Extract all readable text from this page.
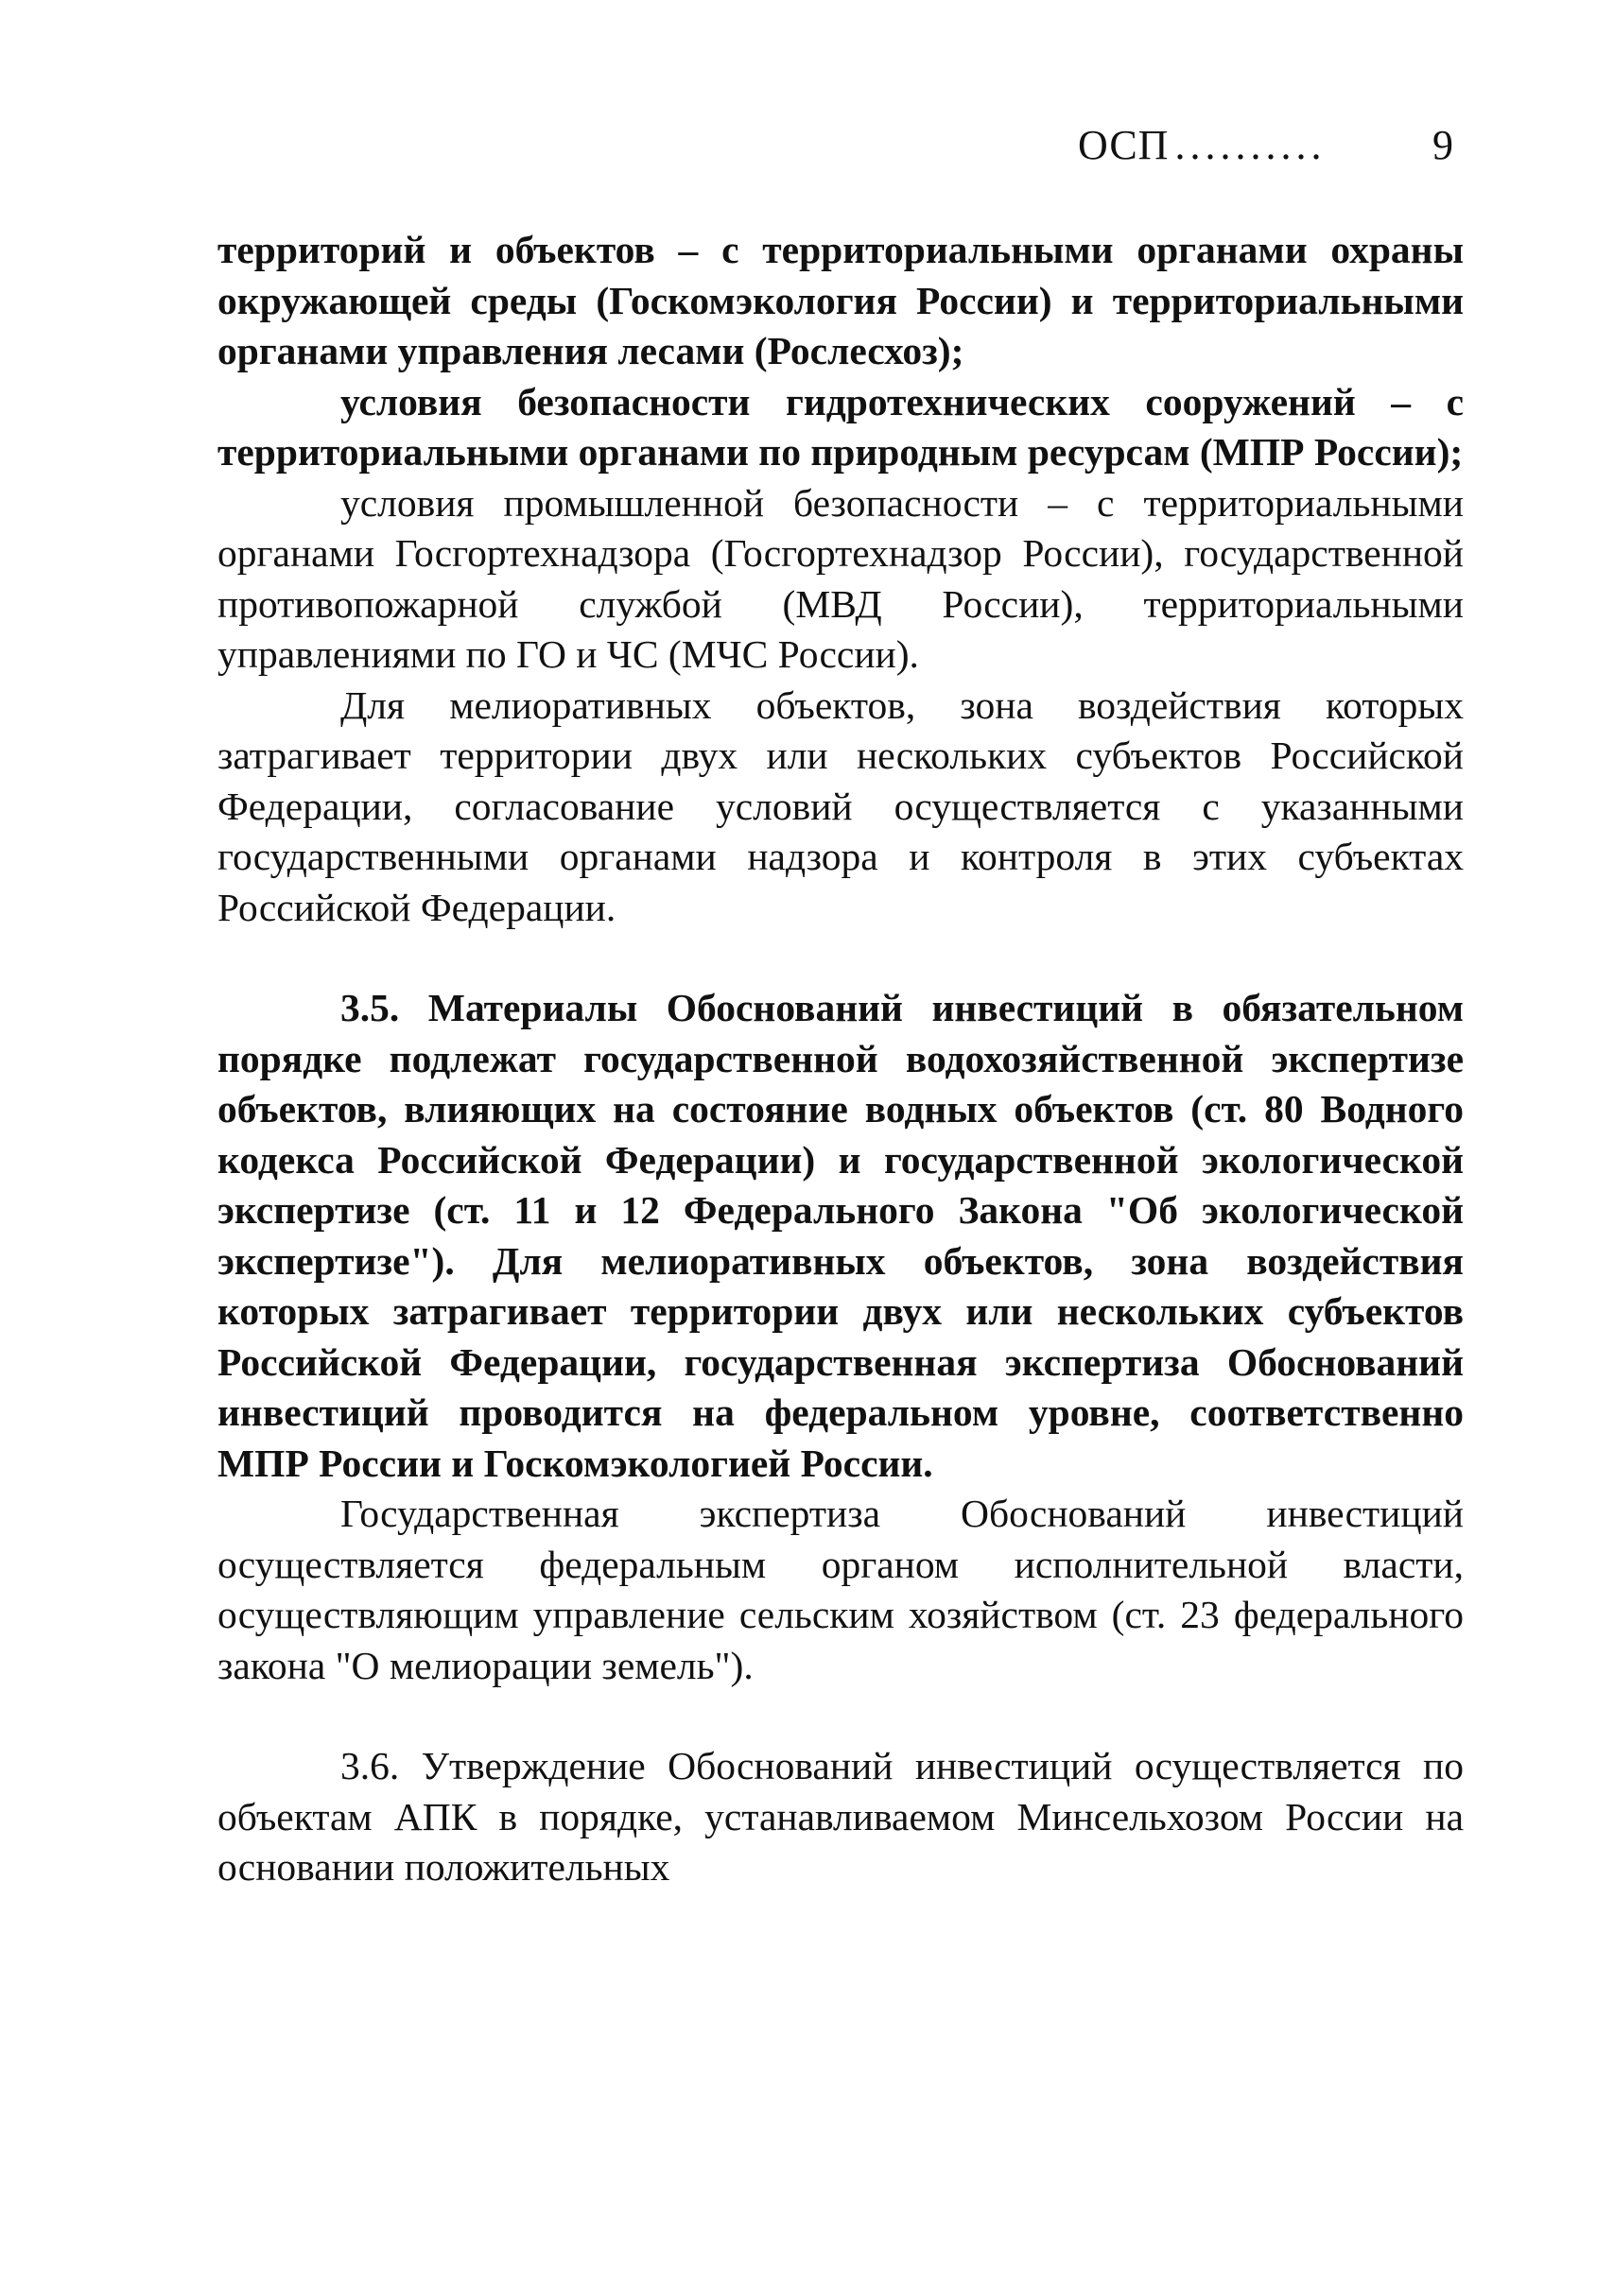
ОСП ..........	9

территорий и объектов – с территориальными органами охраны окружающей среды (Госкомэкология России) и территориальными органами управления лесами (Рослесхоз);

условия безопасности гидротехнических сооружений – с территориальными органами по природным ресурсам (МПР России);

условия промышленной безопасности – с территориальными органами Госгортехнадзора (Госгортехнадзор России), государственной противопожарной службой (МВД России), территориальными управлениями по ГО и ЧС (МЧС России).

Для мелиоративных объектов, зона воздействия которых затрагивает территории двух или нескольких субъектов Российской Федерации, согласование условий осуществляется с указанными государственными органами надзора и контроля в этих субъектах Российской Федерации.

3.5. Материалы Обоснований инвестиций в обязательном порядке подлежат государственной водохозяйственной экспертизе объектов, влияющих на состояние водных объектов (ст. 80 Водного кодекса Российской Федерации) и государственной экологической экспертизе (ст. 11 и 12 Федерального Закона "Об экологической экспертизе"). Для мелиоративных объектов, зона воздействия которых затрагивает территории двух или нескольких субъектов Российской Федерации, государственная экспертиза Обоснований инвестиций проводится на федеральном уровне, соответственно МПР России и Госкомэкологией России.

Государственная экспертиза Обоснований инвестиций осуществляется федеральным органом исполнительной власти, осуществляющим управление сельским хозяйством (ст. 23 федерального закона "О мелиорации земель").

3.6. Утверждение Обоснований инвестиций осуществляется по объектам АПК в порядке, устанавливаемом Минсельхозом России на основании положительных
